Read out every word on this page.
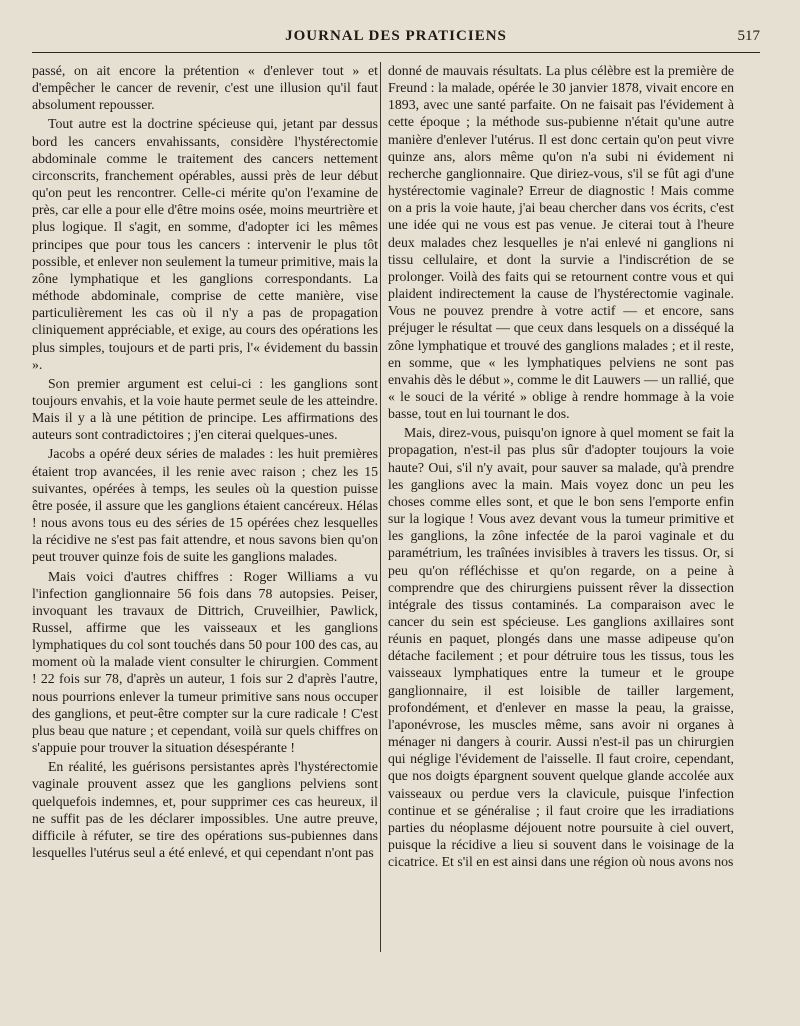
JOURNAL DES PRATICIENS	517

passé, on ait encore la prétention « d'enlever tout » et d'empêcher le cancer de revenir, c'est une illusion qu'il faut absolument repousser.

Tout autre est la doctrine spécieuse qui, jetant par dessus bord les cancers envahissants, considère l'hystérectomie abdominale comme le traitement des cancers nettement circonscrits, franchement opérables, aussi près de leur début qu'on peut les rencontrer. Celle-ci mérite qu'on l'examine de près, car elle a pour elle d'être moins osée, moins meurtrière et plus logique. Il s'agit, en somme, d'adopter ici les mêmes principes que pour tous les cancers : intervenir le plus tôt possible, et enlever non seulement la tumeur primitive, mais la zône lymphatique et les ganglions correspondants. La méthode abdominale, comprise de cette manière, vise particulièrement les cas où il n'y a pas de propagation cliniquement appréciable, et exige, au cours des opérations les plus simples, toujours et de parti pris, l'« évidement du bassin ».

Son premier argument est celui-ci : les ganglions sont toujours envahis, et la voie haute permet seule de les atteindre. Mais il y a là une pétition de principe. Les affirmations des auteurs sont contradictoires ; j'en citerai quelques-unes.

Jacobs a opéré deux séries de malades : les huit premières étaient trop avancées, il les renie avec raison ; chez les 15 suivantes, opérées à temps, les seules où la question puisse être posée, il assure que les ganglions étaient cancéreux. Hélas ! nous avons tous eu des séries de 15 opérées chez lesquelles la récidive ne s'est pas fait attendre, et nous savons bien qu'on peut trouver quinze fois de suite les ganglions malades.

Mais voici d'autres chiffres : Roger Williams a vu l'infection ganglionnaire 56 fois dans 78 autopsies. Peiser, invoquant les travaux de Dittrich, Cruveilhier, Pawlick, Russel, affirme que les vaisseaux et les ganglions lymphatiques du col sont touchés dans 50 pour 100 des cas, au moment où la malade vient consulter le chirurgien. Comment ! 22 fois sur 78, d'après un auteur, 1 fois sur 2 d'après l'autre, nous pourrions enlever la tumeur primitive sans nous occuper des ganglions, et peut-être compter sur la cure radicale ! C'est plus beau que nature ; et cependant, voilà sur quels chiffres on s'appuie pour trouver la situation désespérante !

En réalité, les guérisons persistantes après l'hystérectomie vaginale prouvent assez que les ganglions pelviens sont quelquefois indemnes, et, pour supprimer ces cas heureux, il ne suffit pas de les déclarer impossibles. Une autre preuve, difficile à réfuter, se tire des opérations sus-pubiennes dans lesquelles l'utérus seul a été enlevé, et qui cependant n'ont pas

donné de mauvais résultats. La plus célèbre est la première de Freund : la malade, opérée le 30 janvier 1878, vivait encore en 1893, avec une santé parfaite. On ne faisait pas l'évidement à cette époque ; la méthode sus-pubienne n'était qu'une autre manière d'enlever l'utérus. Il est donc certain qu'on peut vivre quinze ans, alors même qu'on n'a subi ni évidement ni recherche ganglionnaire. Que diriez-vous, s'il se fût agi d'une hystérectomie vaginale? Erreur de diagnostic ! Mais comme on a pris la voie haute, j'ai beau chercher dans vos écrits, c'est une idée qui ne vous est pas venue. Je citerai tout à l'heure deux malades chez lesquelles je n'ai enlevé ni ganglions ni tissu cellulaire, et dont la survie a l'indiscrétion de se prolonger. Voilà des faits qui se retournent contre vous et qui plaident indirectement la cause de l'hystérectomie vaginale. Vous ne pouvez prendre à votre actif — et encore, sans préjuger le résultat — que ceux dans lesquels on a disséqué la zône lymphatique et trouvé des ganglions malades ; et il reste, en somme, que « les lymphatiques pelviens ne sont pas envahis dès le début », comme le dit Lauwers — un rallié, que « le souci de la vérité » oblige à rendre hommage à la voie basse, tout en lui tournant le dos.

Mais, direz-vous, puisqu'on ignore à quel moment se fait la propagation, n'est-il pas plus sûr d'adopter toujours la voie haute? Oui, s'il n'y avait, pour sauver sa malade, qu'à prendre les ganglions avec la main. Mais voyez donc un peu les choses comme elles sont, et que le bon sens l'emporte enfin sur la logique ! Vous avez devant vous la tumeur primitive et les ganglions, la zône infectée de la paroi vaginale et du paramétrium, les traînées invisibles à travers les tissus. Or, si peu qu'on réfléchisse et qu'on regarde, on a peine à comprendre que des chirurgiens puissent rêver la dissection intégrale des tissus contaminés. La comparaison avec le cancer du sein est spécieuse. Les ganglions axillaires sont réunis en paquet, plongés dans une masse adipeuse qu'on détache facilement ; et pour détruire tous les tissus, tous les vaisseaux lymphatiques entre la tumeur et le groupe ganglionnaire, il est loisible de tailler largement, profondément, et d'enlever en masse la peau, la graisse, l'aponévrose, les muscles même, sans avoir ni organes à ménager ni dangers à courir. Aussi n'est-il pas un chirurgien qui néglige l'évidement de l'aisselle. Il faut croire, cependant, que nos doigts épargnent souvent quelque glande accolée aux vaisseaux ou perdue vers la clavicule, puisque l'infection continue et se généralise ; il faut croire que les irradiations parties du néoplasme déjouent notre poursuite à ciel ouvert, puisque la récidive a lieu si souvent dans le voisinage de la cicatrice. Et s'il en est ainsi dans une région où nous avons nos
